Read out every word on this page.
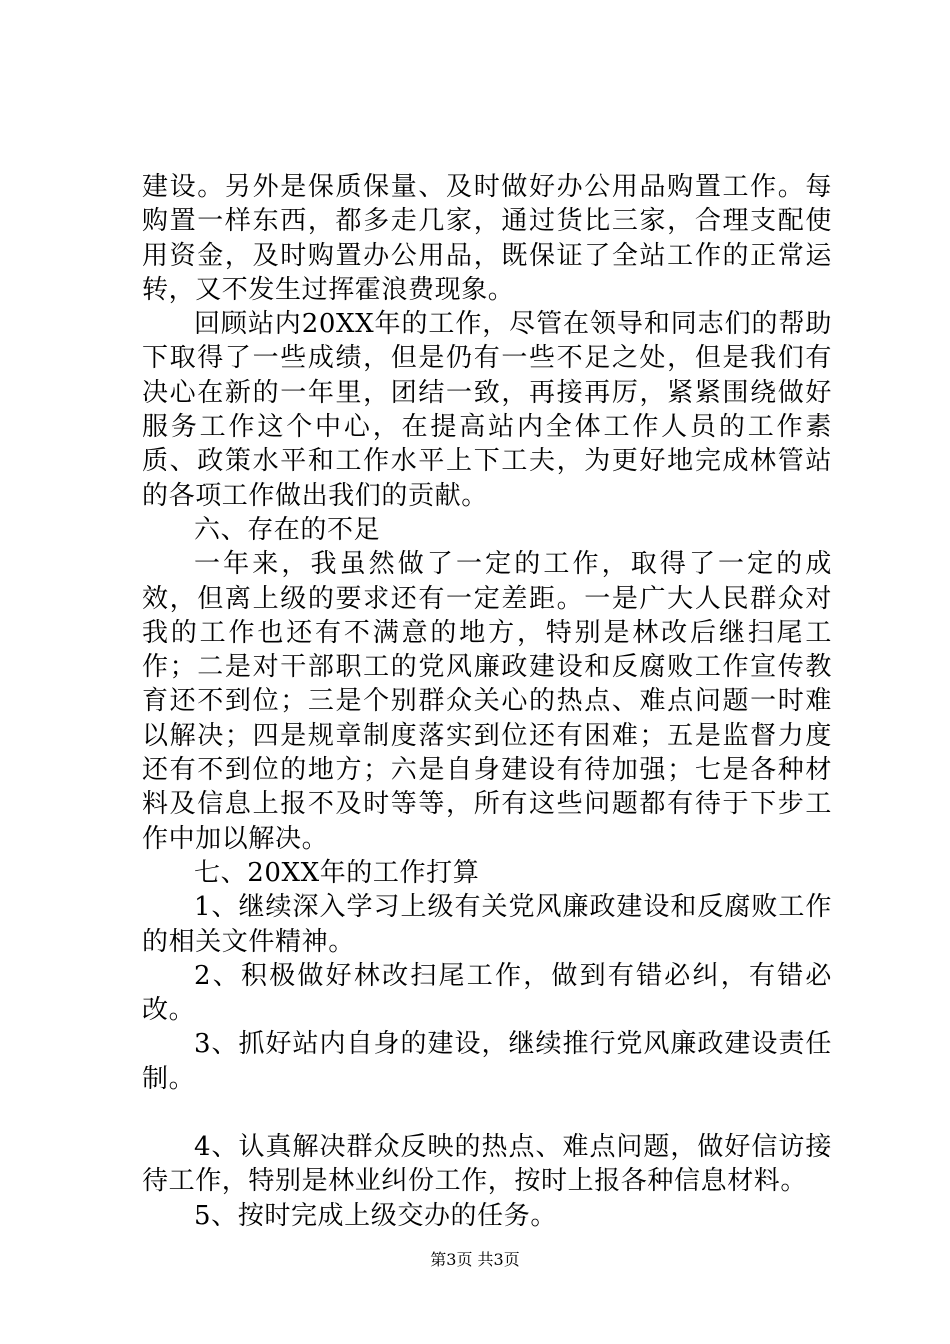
建设。另外是保质保量、及时做好办公用品购置工作。每购置一样东西，都多走几家，通过货比三家，合理支配使用资金，及时购置办公用品，既保证了全站工作的正常运转，又不发生过挥霍浪费现象。

回顾站内20XX年的工作，尽管在领导和同志们的帮助下取得了一些成绩，但是仍有一些不足之处，但是我们有决心在新的一年里，团结一致，再接再厉，紧紧围绕做好服务工作这个中心，在提高站内全体工作人员的工作素质、政策水平和工作水平上下工夫，为更好地完成林管站的各项工作做出我们的贡献。

六、存在的不足

一年来，我虽然做了一定的工作，取得了一定的成效，但离上级的要求还有一定差距。一是广大人民群众对我的工作也还有不满意的地方，特别是林改后继扫尾工作；二是对干部职工的党风廉政建设和反腐败工作宣传教育还不到位；三是个别群众关心的热点、难点问题一时难以解决；四是规章制度落实到位还有困难；五是监督力度还有不到位的地方；六是自身建设有待加强；七是各种材料及信息上报不及时等等，所有这些问题都有待于下步工作中加以解决。

七、20XX年的工作打算

1、继续深入学习上级有关党风廉政建设和反腐败工作的相关文件精神。

2、积极做好林改扫尾工作，做到有错必纠，有错必改。

3、抓好站内自身的建设，继续推行党风廉政建设责任制。

4、认真解决群众反映的热点、难点问题，做好信访接待工作，特别是林业纠份工作，按时上报各种信息材料。

5、按时完成上级交办的任务。

第3页 共3页
